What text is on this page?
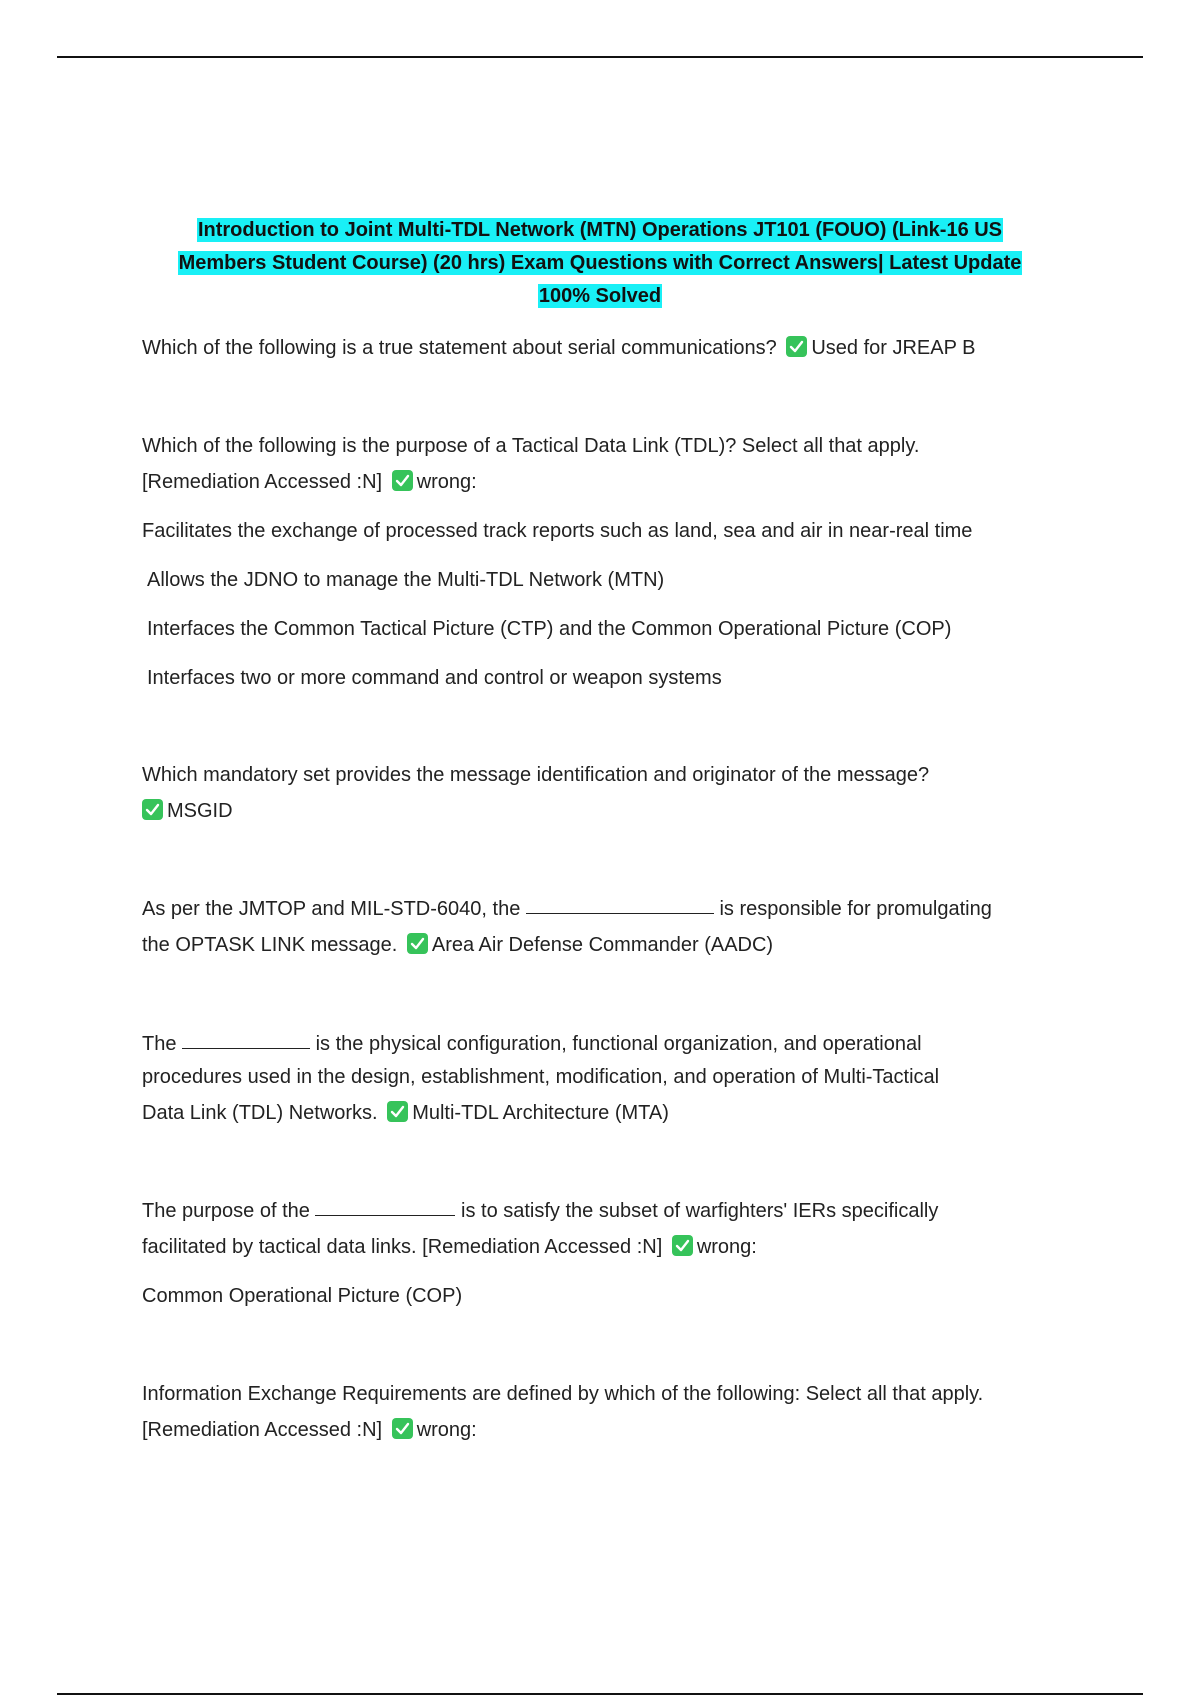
Introduction to Joint Multi-TDL Network (MTN) Operations JT101 (FOUO) (Link-16 US
Members Student Course) (20 hrs) Exam Questions with Correct Answers| Latest Update
100% Solved
Which of the following is a true statement about serial communications? Used for JREAP B
Which of the following is the purpose of a Tactical Data Link (TDL)? Select all that apply.
[Remediation Accessed :N] wrong:
Facilitates the exchange of processed track reports such as land, sea and air in near-real time
Allows the JDNO to manage the Multi-TDL Network (MTN)
Interfaces the Common Tactical Picture (CTP) and the Common Operational Picture (COP)
Interfaces two or more command and control or weapon systems
Which mandatory set provides the message identification and originator of the message?
MSGID
As per the JMTOP and MIL-STD-6040, the	is responsible for promulgating
the OPTASK LINK message. Area Air Defense Commander (AADC)
The	is the physical configuration, functional organization, and operational
procedures used in the design, establishment, modification, and operation of Multi-Tactical
Data Link (TDL) Networks. Multi-TDL Architecture (MTA)
The purpose of the	is to satisfy the subset of warfighters' IERs specifically
facilitated by tactical data links. [Remediation Accessed :N] wrong:
Common Operational Picture (COP)
Information Exchange Requirements are defined by which of the following: Select all that apply.
[Remediation Accessed :N] wrong:
